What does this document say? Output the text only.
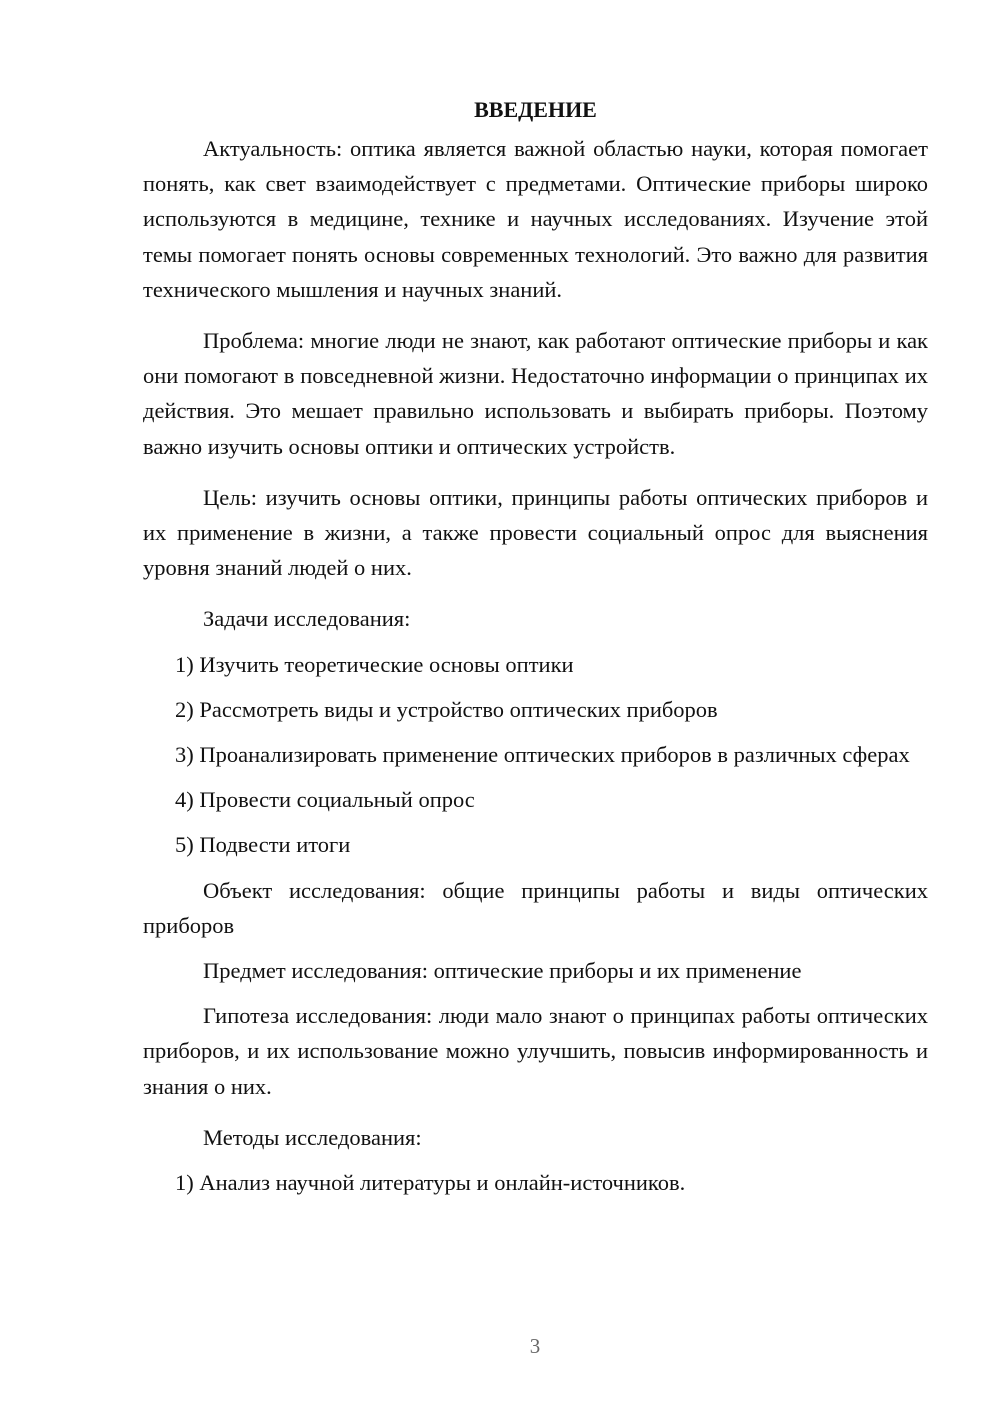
ВВЕДЕНИЕ

Актуальность: оптика является важной областью науки, которая помогает понять, как свет взаимодействует с предметами. Оптические приборы широко используются в медицине, технике и научных исследованиях. Изучение этой темы помогает понять основы современных технологий. Это важно для развития технического мышления и научных знаний.

Проблема: многие люди не знают, как работают оптические приборы и как они помогают в повседневной жизни. Недостаточно информации о принципах их действия. Это мешает правильно использовать и выбирать приборы. Поэтому важно изучить основы оптики и оптических устройств.

Цель: изучить основы оптики, принципы работы оптических приборов и их применение в жизни, а также провести социальный опрос для выяснения уровня знаний людей о них.

Задачи исследования:

1) Изучить теоретические основы оптики

2) Рассмотреть виды и устройство оптических приборов

3) Проанализировать применение оптических приборов в различных сферах

4) Провести социальный опрос

5) Подвести итоги

Объект исследования: общие принципы работы и виды оптических приборов

Предмет исследования: оптические приборы и их применение

Гипотеза исследования: люди мало знают о принципах работы оптических приборов, и их использование можно улучшить, повысив информированность и знания о них.

Методы исследования:

1) Анализ научной литературы и онлайн-источников.

3
